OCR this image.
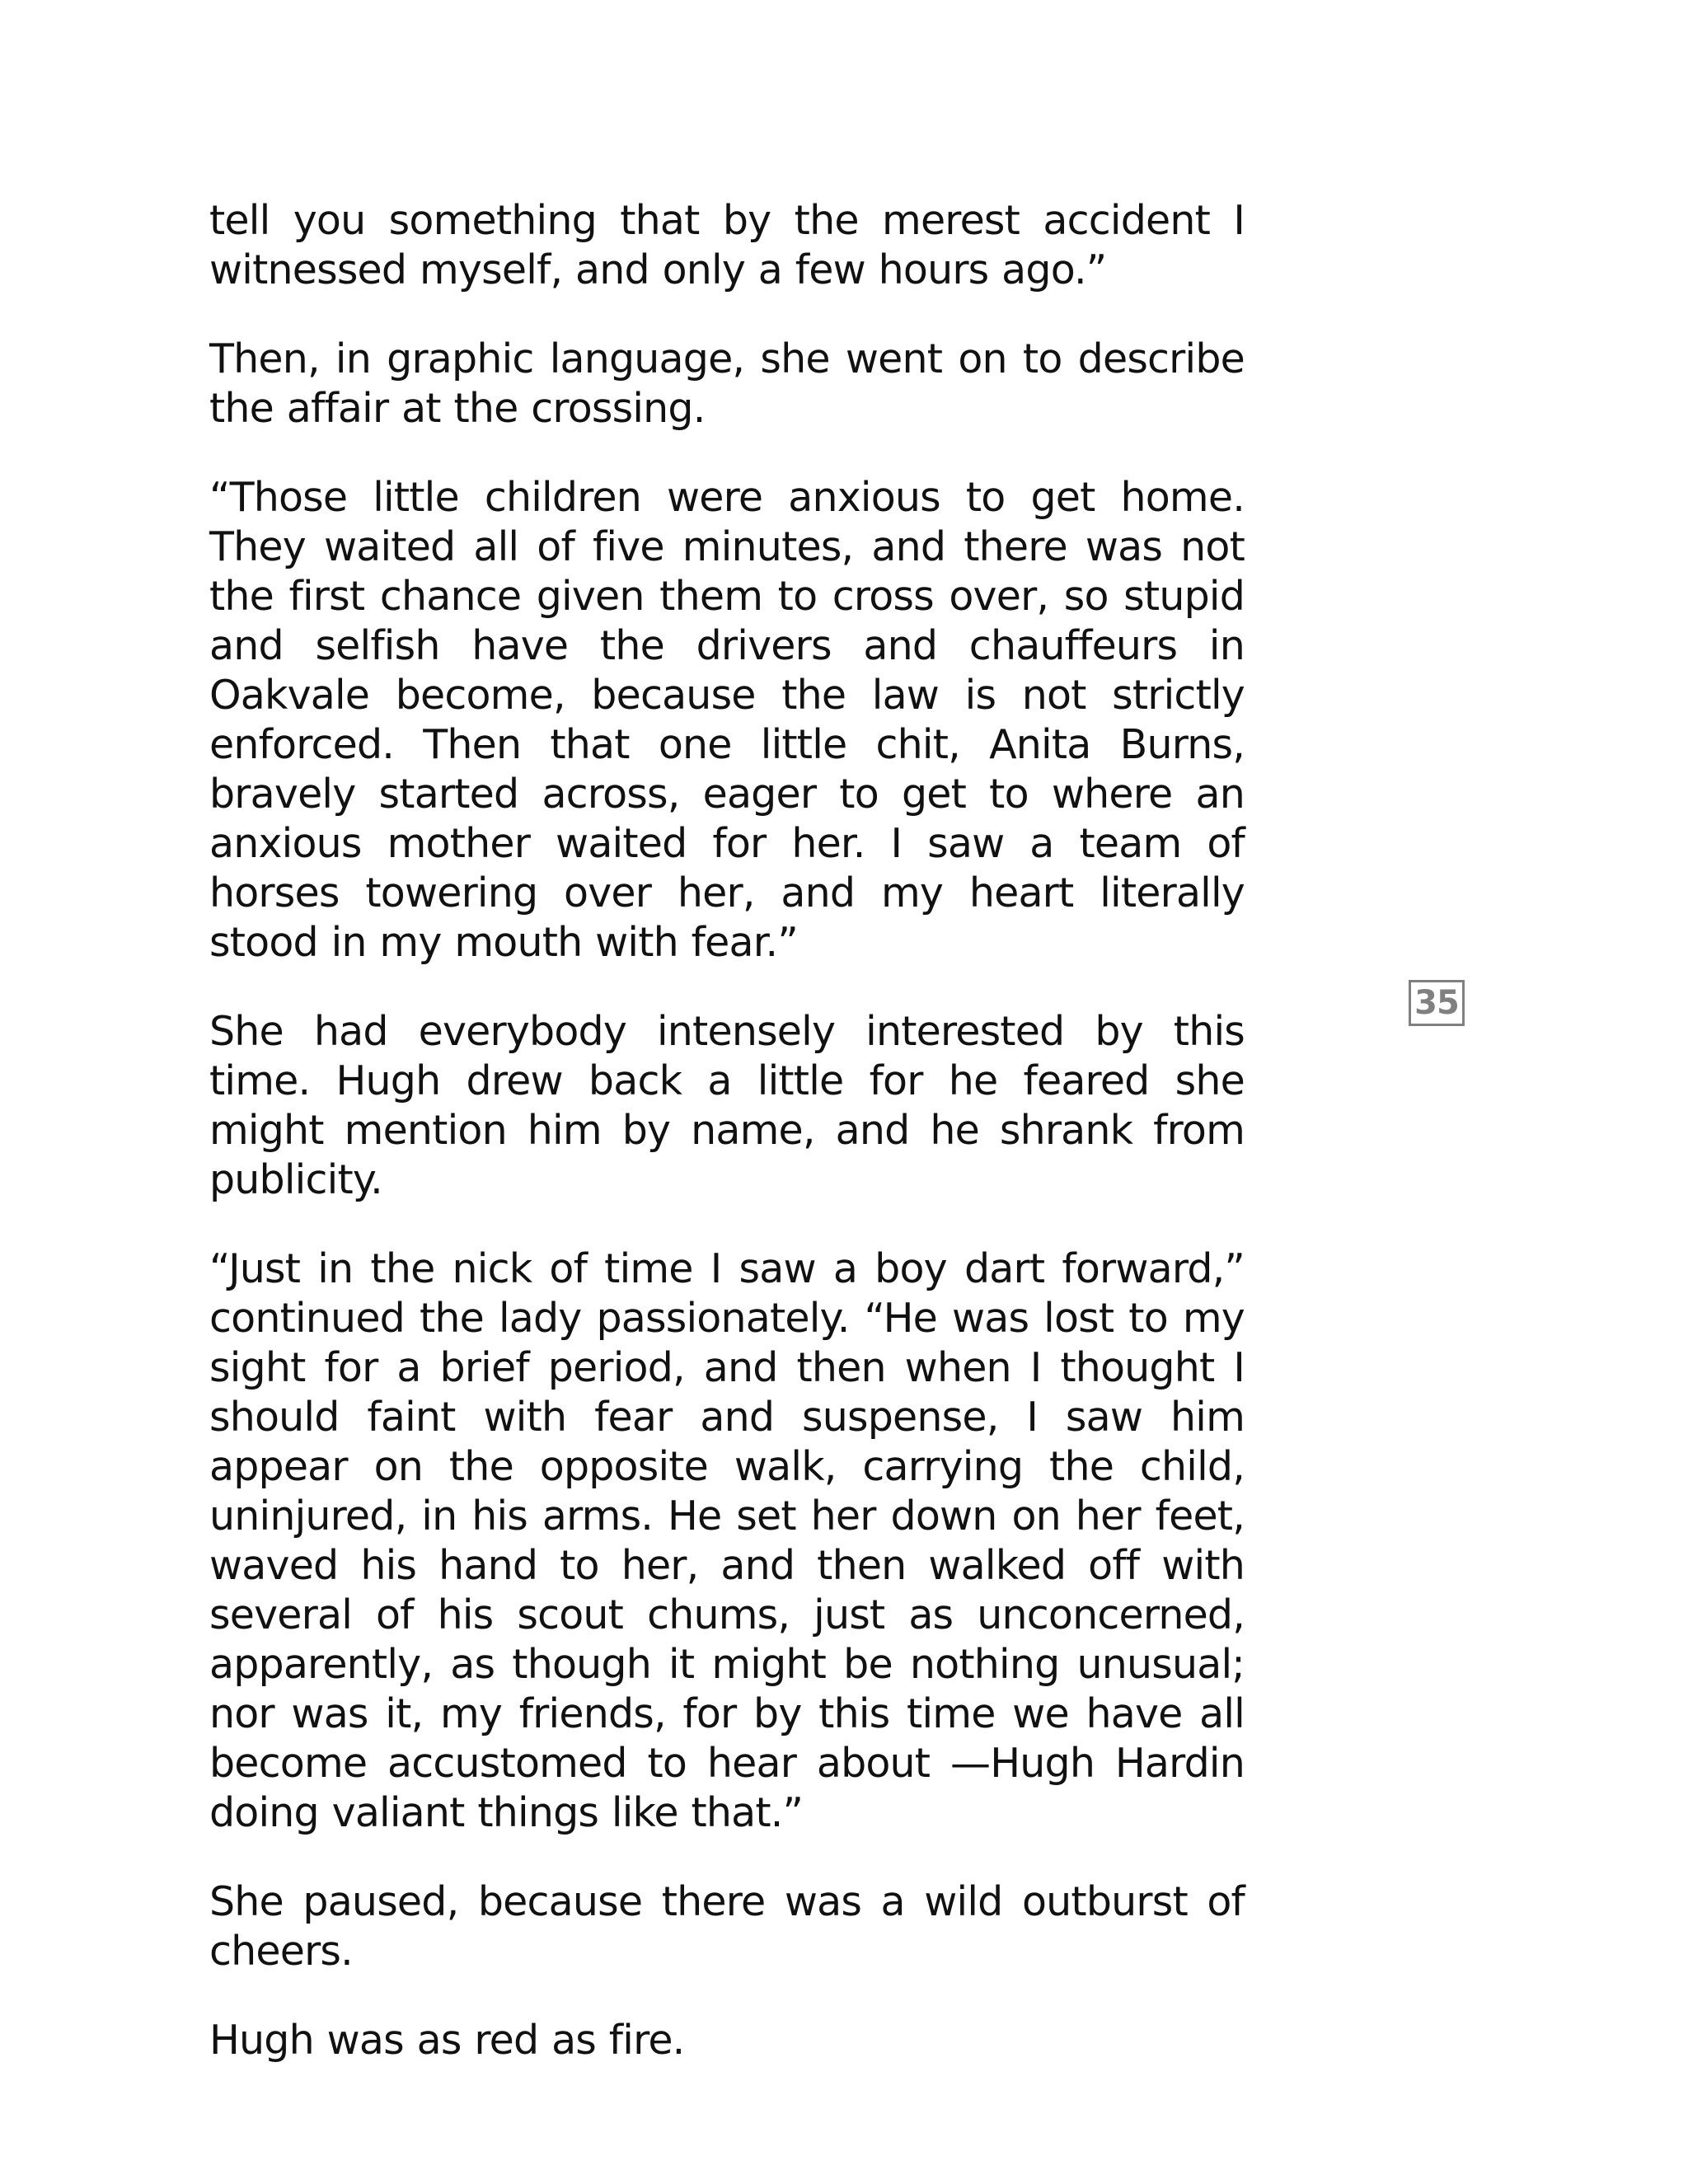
tell you something that by the merest accident I witnessed myself, and only a few hours ago.”

Then, in graphic language, she went on to describe the affair at the crossing.

“Those little children were anxious to get home. They waited all of five minutes, and there was not the first chance given them to cross over, so stupid and selfish have the drivers and chauffeurs in Oakvale become, because the law is not strictly enforced. Then that one little chit, Anita Burns, bravely started across, eager to get to where an anxious mother waited for her. I saw a team of horses towering over her, and my heart literally stood in my mouth with fear.”

She had everybody intensely interested by this time. Hugh drew back a little for he feared she might mention him by name, and he shrank from publicity.

“Just in the nick of time I saw a boy dart forward,” continued the lady passionately. “He was lost to my sight for a brief period, and then when I thought I should faint with fear and suspense, I saw him appear on the opposite walk, carrying the child, uninjured, in his arms. He set her down on her feet, waved his hand to her, and then walked off with several of his scout chums, just as unconcerned, apparently, as though it might be nothing unusual; nor was it, my friends, for by this time we have all become accustomed to hear about —Hugh Hardin doing valiant things like that.”

She paused, because there was a wild outburst of cheers.

Hugh was as red as fire.

35
